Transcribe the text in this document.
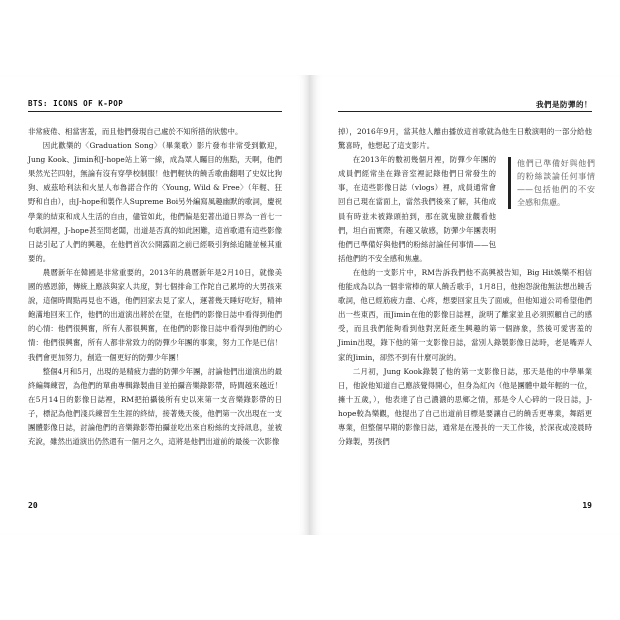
BTS: ICONS OF K-POP

非常疲倦、相當害羞，而且他們發現自己處於不知所措的狀態中。

因此歡樂的〈Graduation Song〉（畢業歌）影片發布非常受到歡迎，Jung Kook、Jimin和J-hope站上第一線，成為眾人矚目的焦點，天啊，他們果然光芒四射，無論有沒有穿學校制服！他們輕快的饒舌歌曲翻唱了史奴比狗狗、威茲哈利法和火星人布魯諾合作的〈Young, Wild & Free〉（年輕、狂野和自由），由J-hope和製作人Supreme Boi另外編寫風趣幽默的歌詞，慶祝學業的結束和成人生活的自由，儘管如此，他們偏是犯著出道日界為一首七一句歌詞裡，J-hope甚至問老闆，出道是否真的如此困難，這首歌還有這些影像日誌引起了人們的興趣，在他們首次公開露面之前已經吸引狗絲追隨並極其重要的。

農曆新年在韓國是非常重要的，2013年的農曆新年是2月10日，就像美國的感恩節，傳統上應該與家人共度，對七個排命工作陀自己累垮的大男孩來說，這個時間點再見也不過，他們回家去見了家人，運著幾天睡好吃好，精神飽滿地回來工作，他們的出道演出將於在望，在他們的影像日誌中看得到他們的心情：他們很興奮，所有人都很興奮，在他們的影像日誌中看得到他們的心情：他們很興奮，所有人都非常致力的防彈少年團的事業，努力工作是已信！我們會更加努力，創造一個更好的防彈少年團！

整個4月和5月，出現的是精疲力盡的防彈少年團，討論他們出道演出的最終編舞練習，為他們的單曲專輯錄製曲目並拍攝音樂錄影帶，時間越來越近！在5月14日的影像日誌裡，RM把拍攝後所有史以來第一支音樂錄影帶的日子，標記為他們淺兵練習生生涯的終結，接著幾天後，他們第一次出現在一支團體影像日誌，討論他們的音樂錄影帶拍攝並吃出來自粉絲的支持訊息，並被充說，雖然出道演出仍然還有一個月之久，這將是他們出道前的最後一次影像

20
我們是防彈的！

掉），2016年9月，當其他人離由播放這首歌就為他生日敷演唱的一部分給他驚喜時，他想起了這支影片。

他們已準備好與他們的粉絲談論任何事情——包括他們的不安全感和焦慮。

在2013年的數初幾個月裡，防彈少年團的成員們經常坐在錄音室裡記錄他們日常發生的事，在這些影像日誌（vlogs）裡，成員通常會回自己現在當面上，當然我們後來了解，其他成員有時並未被錄頭拍到，那在就鬼臉並觀看他們，坦白而實際，有趣又敏感，防彈少年團表明他們已準備好與他們的粉絲討論任何事情——包括他們的不安全感和焦慮。

在他的一支影片中，RM告訴我們他不高興被告知，Big Hit娛樂不相信他能成為以為一個非常棒的單人饒舌歌手，1月8日，他抱怨說他無法想出饒舌歌詞，他已經筋疲力盡、心疼，想要回家且失了面戚，但他知道公司希望他們出一些東西，而Jimin在他的影像日誌裡，說明了離家並且必須照顧自己的感受，而且我們能夠看到他對烹飪產生興趣的第一個跡象，然後可愛害羞的Jimin出現，錄下他的第一支影像日誌，當別人錄製影像日誌時，老是嘴弄人家的Jimin，卻然不到有什麼可說的。

二月初，Jung Kook錄製了他的第一支影像日誌，那天是他的中學畢業日，他說他知道自己應該覺得開心，但身為紅內（他是團體中最年輕的一位，擁十五歲，），他表達了自己濃濃的思鄉之情，那是令人心碎的一段日誌，J-hope較為樂觀，他提出了自己出道前目標是要讓自己的饒舌更專業，舞蹈更專業，但整個早期的影像日誌，通常是在漫長的一天工作後，於深夜或凌晨時分錄製，男孩們

19
